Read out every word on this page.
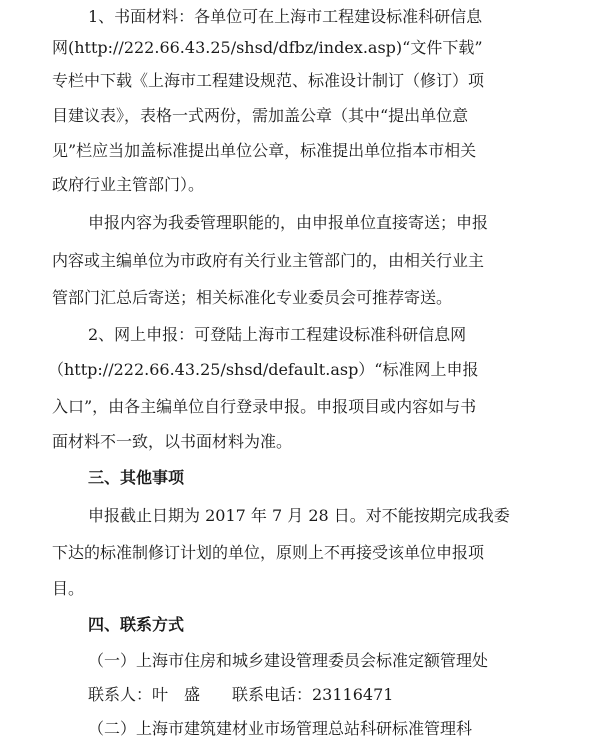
1、书面材料：各单位可在上海市工程建设标准科研信息
网(http://222.66.43.25/shsd/dfbz/index.asp)“文件下载”
专栏中下载《上海市工程建设规范、标准设计制订（修订）项
目建议表》，表格一式两份，需加盖公章（其中“提出单位意
见”栏应当加盖标准提出单位公章，标准提出单位指本市相关
政府行业主管部门）。
申报内容为我委管理职能的，由申报单位直接寄送；申报
内容或主编单位为市政府有关行业主管部门的，由相关行业主
管部门汇总后寄送；相关标准化专业委员会可推荐寄送。
2、网上申报：可登陆上海市工程建设标准科研信息网
（http://222.66.43.25/shsd/default.asp）“标准网上申报
入口”，由各主编单位自行登录申报。申报项目或内容如与书
面材料不一致，以书面材料为准。
三、其他事项
申报截止日期为 2017 年 7 月 28 日。对不能按期完成我委
下达的标准制修订计划的单位，原则上不再接受该单位申报项
目。
四、联系方式
（一）上海市住房和城乡建设管理委员会标准定额管理处
联系人：叶　盛　　联系电话：23116471
（二）上海市建筑建材业市场管理总站科研标准管理科
